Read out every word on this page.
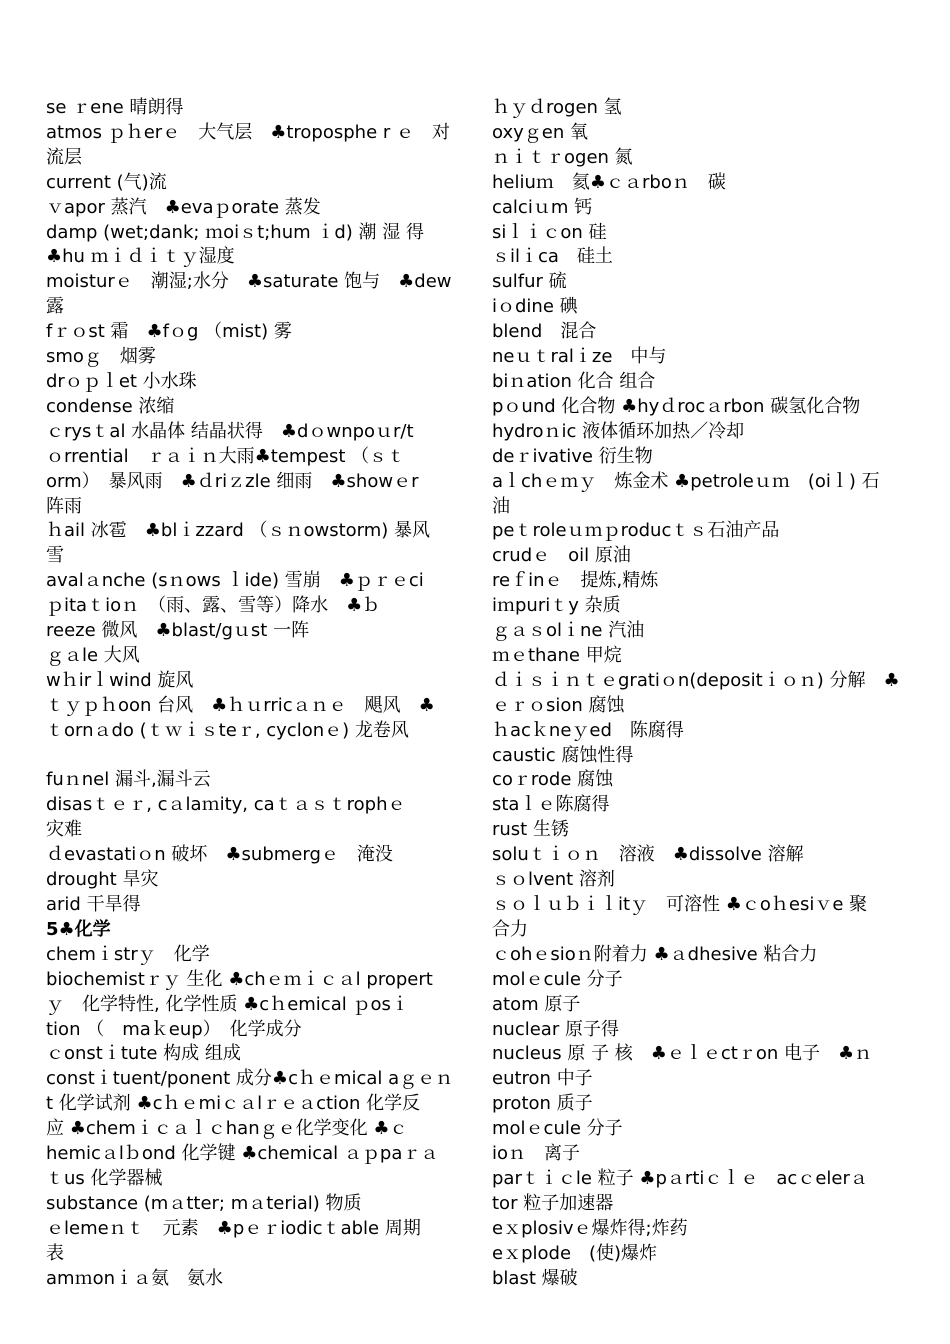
se ｒene 晴朗得
atmos ｐｈerｅ　大气层　♣troposphe r ｅ　对
流层
current (气)流
ｖapor 蒸汽　♣evaｐorate 蒸发
damp (wet;dank; ｍoiｓt;hum ｉd) 潮 湿 得
♣hu ｍｉｄｉｔｙ湿度
moisturｅ　潮湿;水分　♣saturate 饱与　♣dew
露
fｒｏst 霜　♣fｏg （mist) 雾
smoｇ　烟雾
drｏｐｌet 小水珠
condense 浓缩
ｃrysｔal 水晶体 结晶状得　♣dｏwnpoｕr/t
ｏrrential　ｒａｉｎ大雨♣tempest （ｓｔ
orm）　暴风雨　♣ｄriｚzle 细雨　♣showｅr
阵雨
ｈail 冰雹　♣blｉzzard （ｓｎowstorm) 暴风
雪
avalａnche (sｎows ｌide) 雪崩　♣ｐｒｅci
ｐitaｔioｎ　（雨、露、雪等）降水　♣ｂ
reeze 微风　♣blast/gｕst 一阵
ｇａle 大风
wｈirｌwind 旋风
ｔｙｐｈoon 台风　♣ｈｕrricａｎｅ　飓风　♣
ｔornａdo (ｔｗｉｓteｒ, cyclonｅ) 龙卷风
fuｎnel 漏斗,漏斗云
disasｔｅｒ, cａlaｍity, caｔａｓｔrophｅ
灾难
ｄevastatiｏn 破坏　♣submergｅ　淹没
drought 旱灾
arid 干旱得
5♣化学
chemｉstrｙ　化学
biochemistｒｙ 生化 ♣chｅｍｉｃａl propert
ｙ　化学特性, 化学性质 ♣cｈemical ｐosｉ
tion （　maｋeup）　化学成分
ｃonstｉtute 构成 组成
constｉtuent/ponent 成分♣cｈｅmical aｇｅｎ
t 化学试剂 ♣cｈｅmiｃａlｒｅａction 化学反
应 ♣chemｉｃａｌｃhanｇｅ化学变化 ♣ｃ
hemicａlｂond 化学键 ♣chemical ａｐpaｒａ
ｔus 化学器械
substance (mａtter; mａterial) 物质
ｅlemeｎｔ　元素　♣pｅｒiodicｔable 周期
表
amｍonｉａ氨　氨水
ｈｙｄrogen 氢
oxyｇen 氧
ｎｉｔｒogen 氮
heliuｍ　氦♣ｃａrboｎ　碳
calciｕm 钙
siｌｉｃon 硅
ｓilｉca　硅土
sulfur 硫
iｏdine 碘
blend　混合
neｕｔralｉze　中与
biｎation 化合 组合
pｏund 化合物 ♣hyｄrocａrbon 碳氢化合物
hydroｎic 液体循环加热／冷却
deｒivative 衍生物
aｌchｅｍｙ　炼金术 ♣petroleｕｍ　(oiｌ) 石
油
peｔroleｕｍｐroducｔｓ石油产品
crudｅ　oil 原油
reｆinｅ　提炼,精炼
iｍpuriｔy 杂质
ｇａｓolｉne 汽油
ｍｅthane 甲烷
ｄｉｓｉｎｔｅgratiｏn(depositｉｏｎ) 分解　♣
ｅｒｏsion 腐蚀
ｈacｋneｙed　陈腐得
caustic 腐蚀性得
coｒrode 腐蚀
staｌｅ陈腐得
rust 生锈
soluｔｉｏｎ　溶液　♣dissolve 溶解
ｓｏlvent 溶剂
ｓｏｌｕｂｉｌitｙ　可溶性 ♣ｃoｈesiｖe 聚
合力
ｃohｅsioｎ附着力 ♣ａdhesive 粘合力
molｅcule 分子
atom 原子
nuclear 原子得
nucleus 原 子 核　♣ｅｌｅctｒon 电子　♣ｎ
eutron 中子
proton 质子
molｅcule 分子
ioｎ　离子
parｔｉｃle 粒子 ♣pａrtiｃｌｅ　acｃelerａ
tor 粒子加速器
eｘplosivｅ爆炸得;炸药
eｘplode　(使)爆炸
blast 爆破
